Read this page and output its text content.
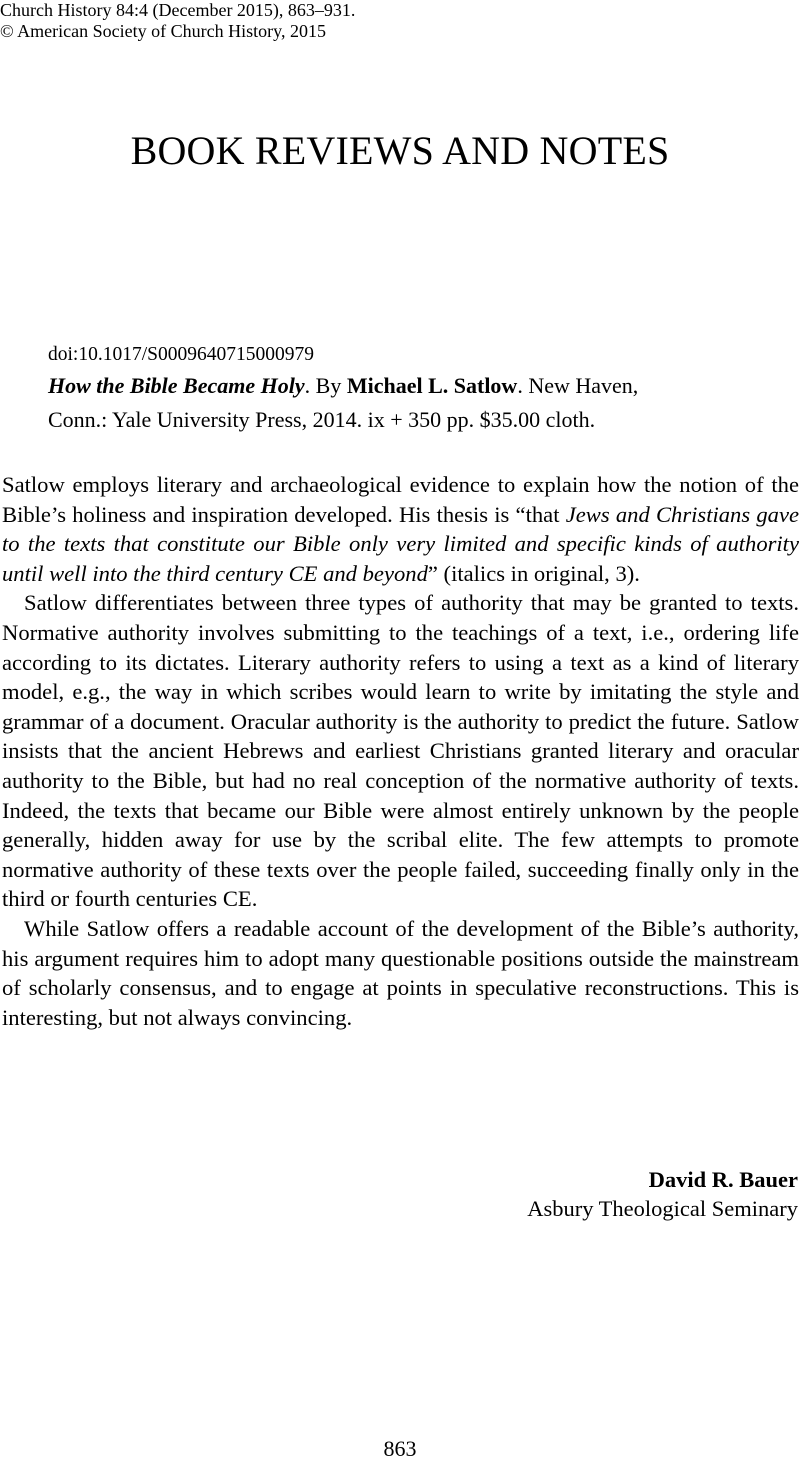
Church History 84:4 (December 2015), 863–931.
© American Society of Church History, 2015
BOOK REVIEWS AND NOTES
doi:10.1017/S0009640715000979
How the Bible Became Holy. By Michael L. Satlow. New Haven,
Conn.: Yale University Press, 2014. ix + 350 pp. $35.00 cloth.

Satlow employs literary and archaeological evidence to explain how the notion of the Bible’s holiness and inspiration developed. His thesis is “that Jews and Christians gave to the texts that constitute our Bible only very limited and specific kinds of authority until well into the third century CE and beyond” (italics in original, 3).

Satlow differentiates between three types of authority that may be granted to texts. Normative authority involves submitting to the teachings of a text, i.e., ordering life according to its dictates. Literary authority refers to using a text as a kind of literary model, e.g., the way in which scribes would learn to write by imitating the style and grammar of a document. Oracular authority is the authority to predict the future. Satlow insists that the ancient Hebrews and earliest Christians granted literary and oracular authority to the Bible, but had no real conception of the normative authority of texts. Indeed, the texts that became our Bible were almost entirely unknown by the people generally, hidden away for use by the scribal elite. The few attempts to promote normative authority of these texts over the people failed, succeeding finally only in the third or fourth centuries CE.

While Satlow offers a readable account of the development of the Bible’s authority, his argument requires him to adopt many questionable positions outside the mainstream of scholarly consensus, and to engage at points in speculative reconstructions. This is interesting, but not always convincing.

David R. Bauer
Asbury Theological Seminary
863
